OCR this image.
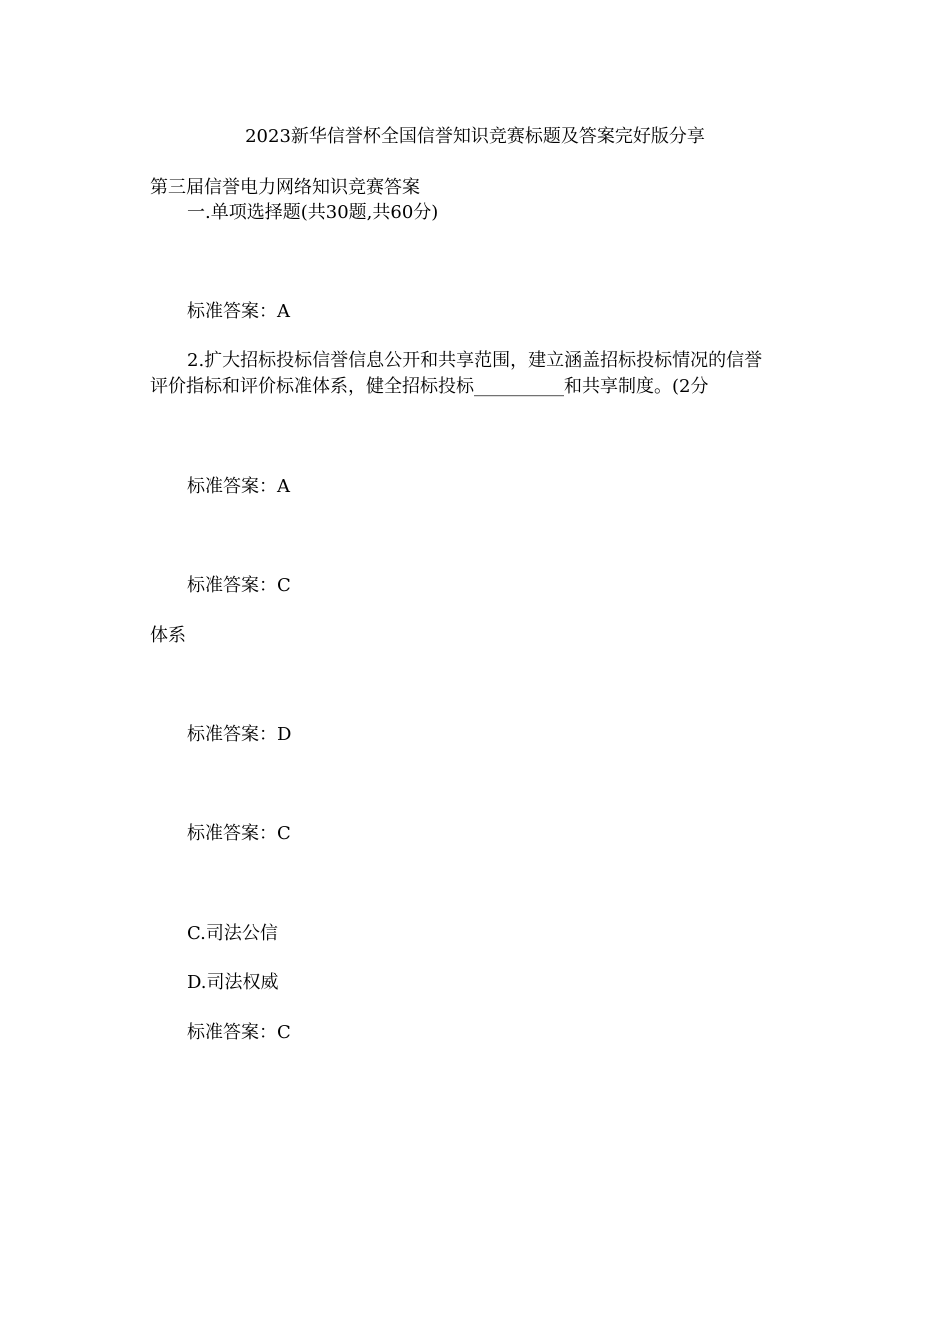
2023新华信誉杯全国信誉知识竞赛标题及答案完好版分享
第三届信誉电力网络知识竞赛答案
一.单项选择题(共30题,共60分)
标准答案：A
2.扩大招标投标信誉信息公开和共享范围，建立涵盖招标投标情况的信誉
评价指标和评价标准体系，健全招标投标__________和共享制度。(2分
标准答案：A
标准答案：C
体系
标准答案：D
标准答案：C
C.司法公信
D.司法权威
标准答案：C
